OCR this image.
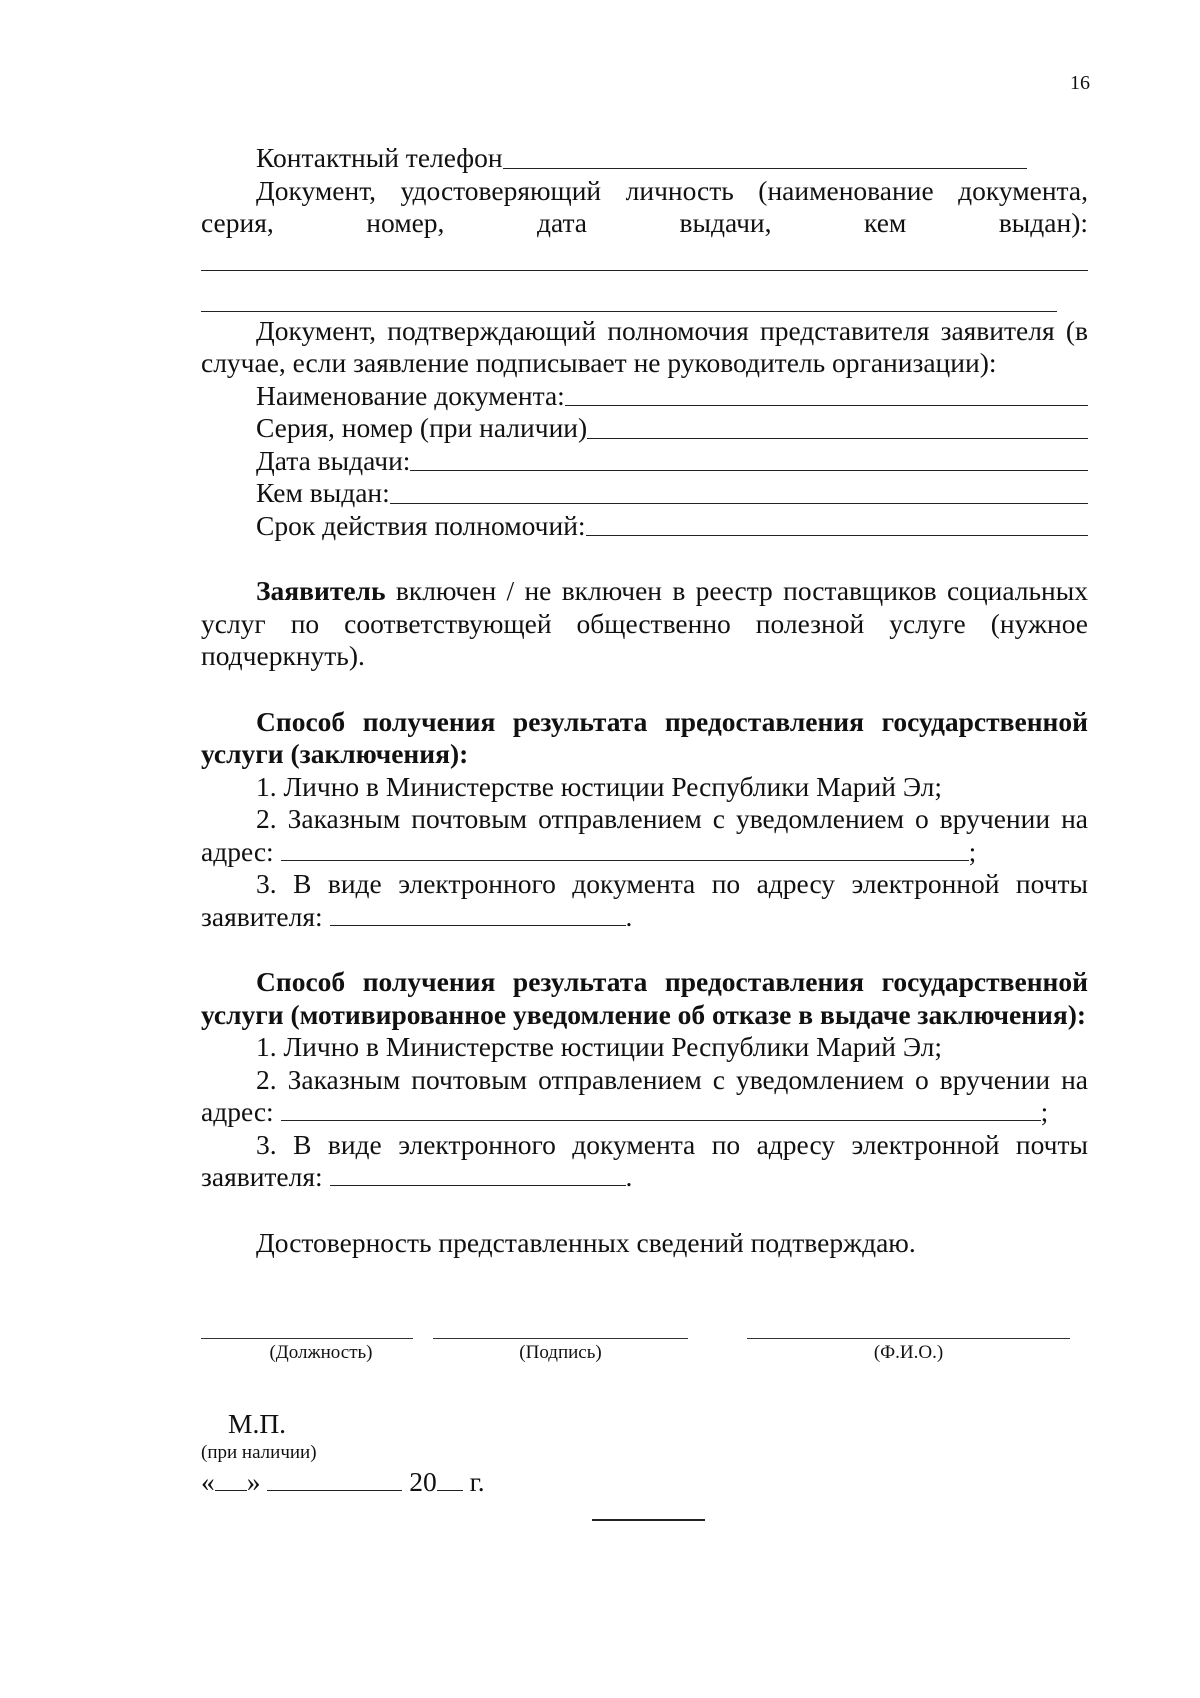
16
Контактный телефон
Документ, удостоверяющий личность (наименование документа,
серия, номер, дата выдачи, кем выдан):
Документ, подтверждающий полномочия представителя заявителя (в случае, если заявление подписывает не руководитель организации):
Наименование документа:
Серия, номер (при наличии)
Дата выдачи:
Кем выдан:
Срок действия полномочий:
Заявитель включен / не включен в реестр поставщиков социальных услуг по соответствующей общественно полезной услуге (нужное подчеркнуть).
Способ получения результата предоставления государственной услуги (заключения):
1. Лично в Министерстве юстиции Республики Марий Эл;
2. Заказным почтовым отправлением с уведомлением о вручении на адрес:	;
3. В виде электронного документа по адресу электронной почты заявителя:	.
Способ получения результата предоставления государственной услуги (мотивированное уведомление об отказе в выдаче заключения):
1. Лично в Министерстве юстиции Республики Марий Эл;
2. Заказным почтовым отправлением с уведомлением о вручении на адрес:	;
3. В виде электронного документа по адресу электронной почты заявителя:	.
Достоверность представленных сведений подтверждаю.
(Должность)	(Подпись)	(Ф.И.О.)
М.П.
(при наличии)
« »	20 г.
